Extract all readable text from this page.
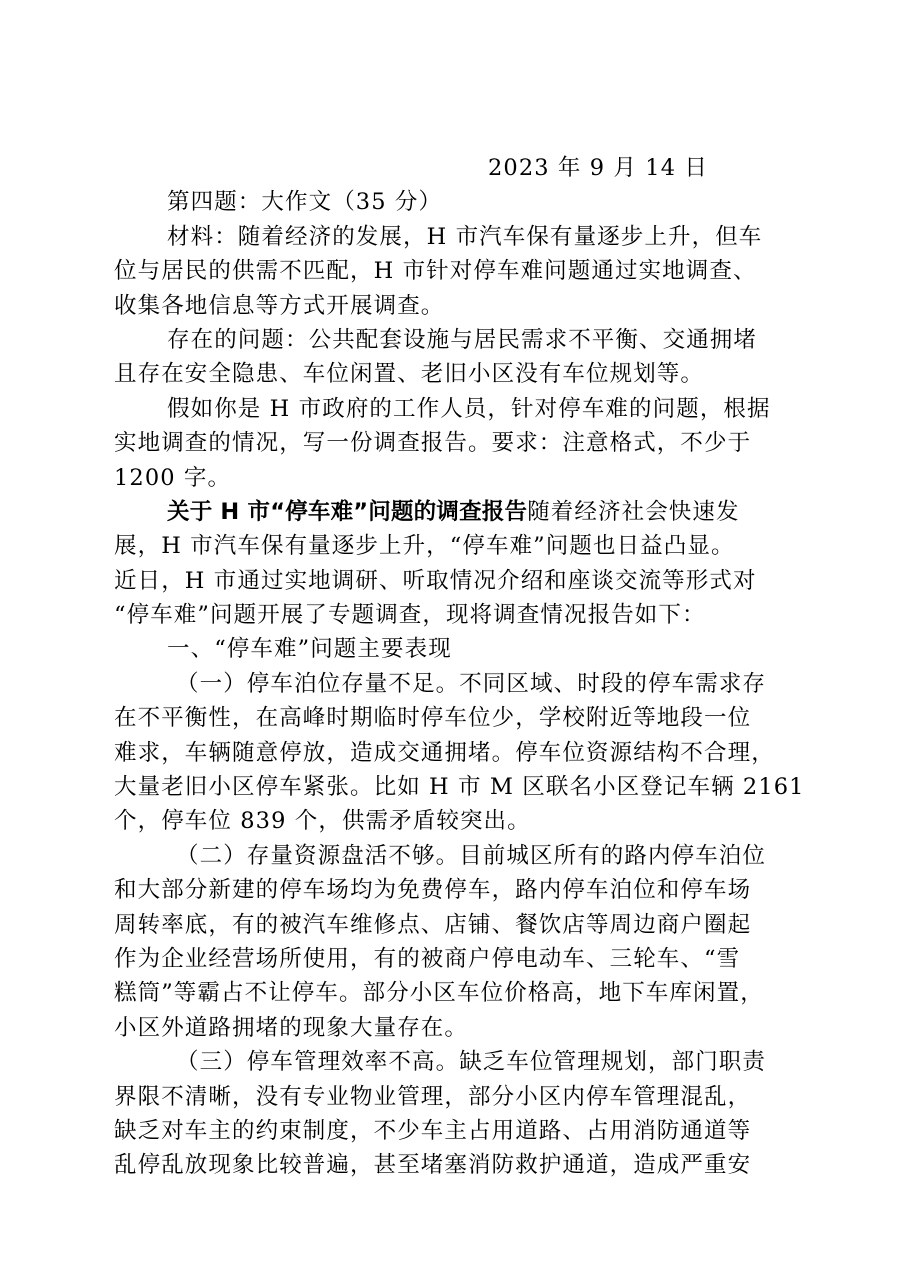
2023 年 9 月 14 日
第四题：大作文（35 分）
材料：随着经济的发展，H 市汽车保有量逐步上升，但车
位与居民的供需不匹配，H 市针对停车难问题通过实地调查、
收集各地信息等方式开展调查。
存在的问题：公共配套设施与居民需求不平衡、交通拥堵
且存在安全隐患、车位闲置、老旧小区没有车位规划等。
假如你是 H 市政府的工作人员，针对停车难的问题，根据
实地调查的情况，写一份调查报告。要求：注意格式，不少于
1200 字。
关于 H 市“停车难”问题的调查报告随着经济社会快速发
展，H 市汽车保有量逐步上升，“停车难”问题也日益凸显。
近日，H 市通过实地调研、听取情况介绍和座谈交流等形式对
“停车难”问题开展了专题调查，现将调查情况报告如下：
一、“停车难”问题主要表现
（一）停车泊位存量不足。不同区域、时段的停车需求存
在不平衡性，在高峰时期临时停车位少，学校附近等地段一位
难求，车辆随意停放，造成交通拥堵。停车位资源结构不合理，
大量老旧小区停车紧张。比如 H 市 M 区联名小区登记车辆 2161
个，停车位 839 个，供需矛盾较突出。
（二）存量资源盘活不够。目前城区所有的路内停车泊位
和大部分新建的停车场均为免费停车，路内停车泊位和停车场
周转率底，有的被汽车维修点、店铺、餐饮店等周边商户圈起
作为企业经营场所使用，有的被商户停电动车、三轮车、“雪
糕筒”等霸占不让停车。部分小区车位价格高，地下车库闲置，
小区外道路拥堵的现象大量存在。
（三）停车管理效率不高。缺乏车位管理规划，部门职责
界限不清晰，没有专业物业管理，部分小区内停车管理混乱，
缺乏对车主的约束制度，不少车主占用道路、占用消防通道等
乱停乱放现象比较普遍，甚至堵塞消防救护通道，造成严重安
